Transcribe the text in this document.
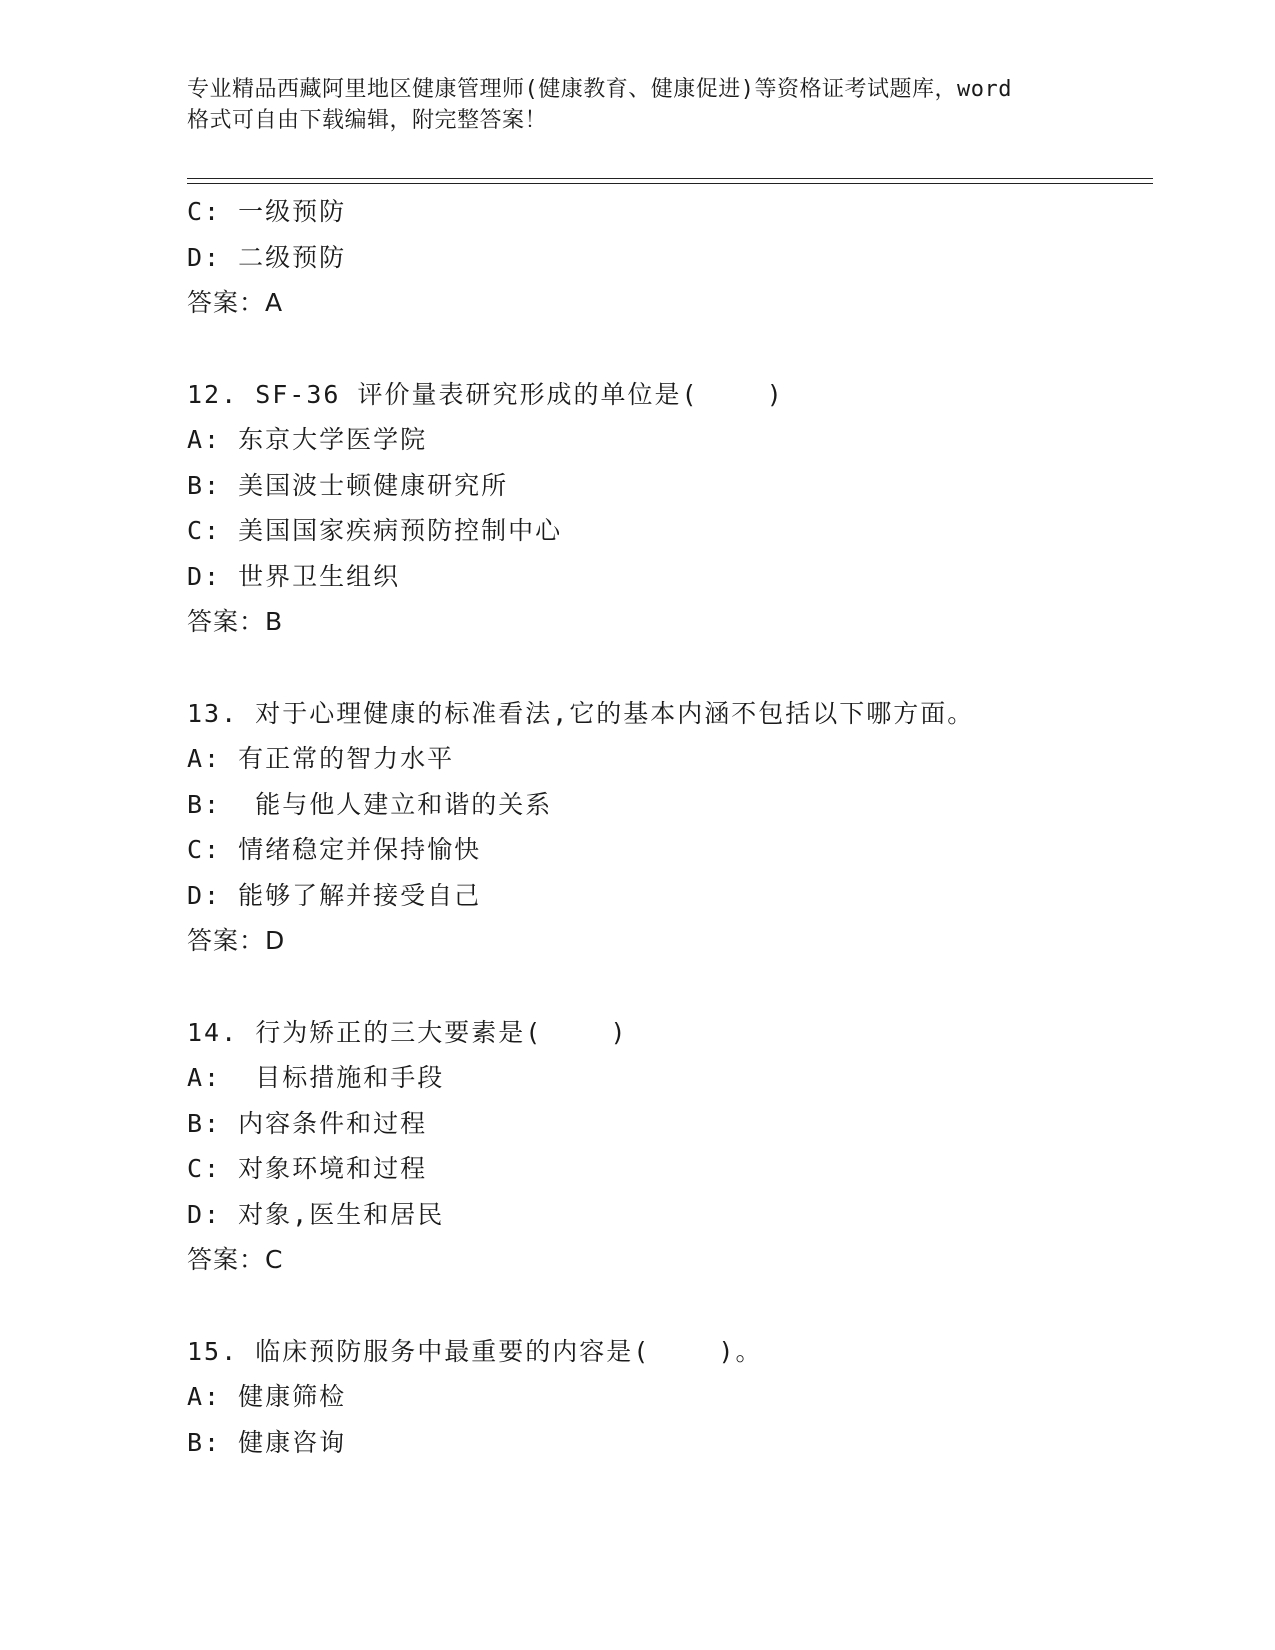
专业精品西藏阿里地区健康管理师(健康教育、健康促进)等资格证考试题库，word
格式可自由下载编辑，附完整答案！
C: 一级预防
D: 二级预防
答案：A
12. SF-36 评价量表研究形成的单位是(    )
A: 东京大学医学院
B: 美国波士顿健康研究所
C: 美国国家疾病预防控制中心
D: 世界卫生组织
答案：B
13. 对于心理健康的标准看法,它的基本内涵不包括以下哪方面。
A: 有正常的智力水平
B:  能与他人建立和谐的关系
C: 情绪稳定并保持愉快
D: 能够了解并接受自己
答案：D
14. 行为矫正的三大要素是(    )
A:  目标措施和手段
B: 内容条件和过程
C: 对象环境和过程
D: 对象,医生和居民
答案：C
15. 临床预防服务中最重要的内容是(    )。
A: 健康筛检
B: 健康咨询
